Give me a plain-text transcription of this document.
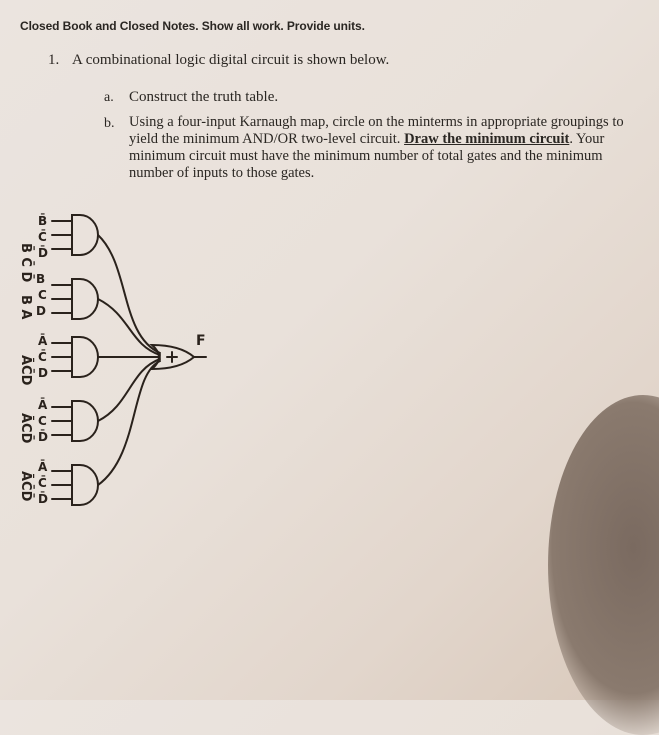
Closed Book and Closed Notes. Show all work. Provide units.
1. A combinational logic digital circuit is shown below.
a. Construct the truth table.
b. Using a four-input Karnaugh map, circle on the minterms in appropriate groupings to yield the minimum AND/OR two-level circuit. Draw the minimum circuit. Your minimum circuit must have the minimum number of total gates and the minimum number of inputs to those gates.
B̄ C̄ D̄
B A
ĀC̄D
ĀCD̄
ĀC̄D̄
B̄
C̄
D̄
B
C
D
Ā
C̄
D
Ā
C
D̄
Ā
C̄
D̄
F
